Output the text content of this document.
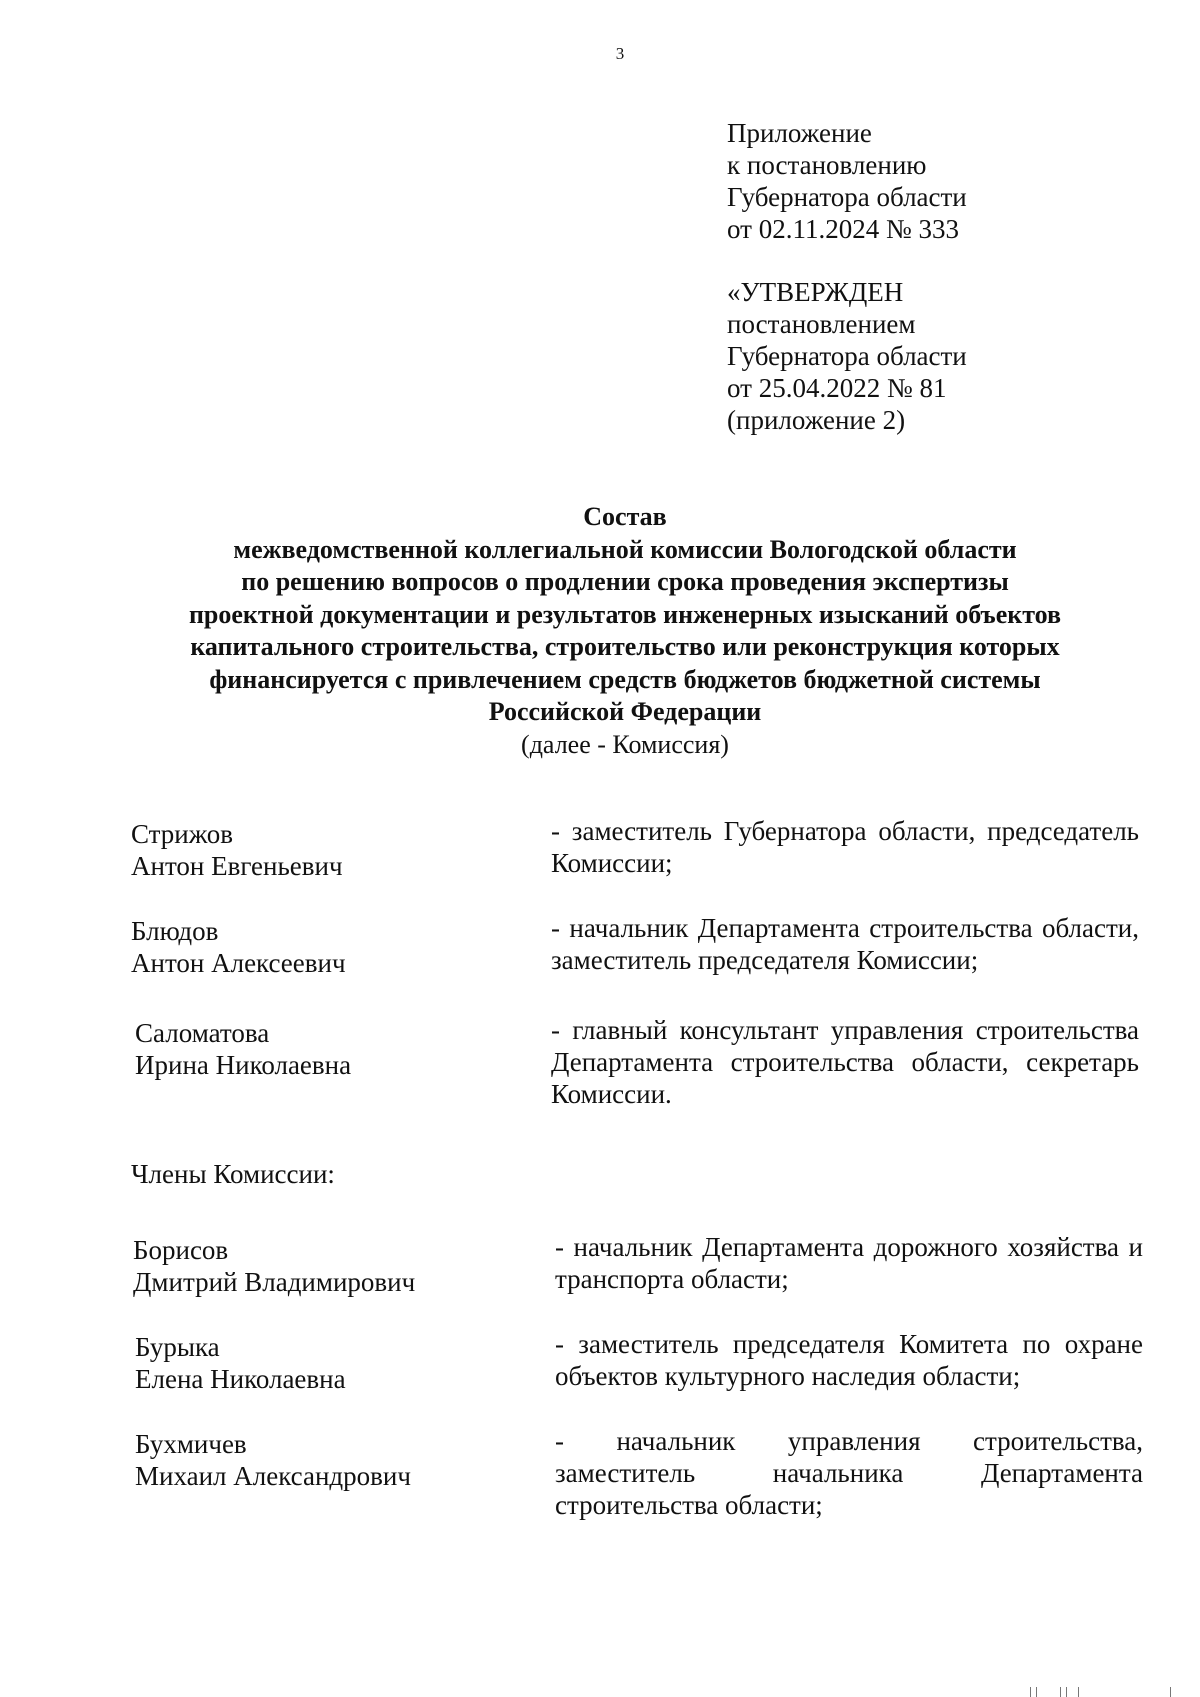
3
Приложение
к постановлению
Губернатора области
от 02.11.2024 № 333
«УТВЕРЖДЕН
постановлением
Губернатора области
от 25.04.2022 № 81
(приложение 2)
Состав
межведомственной коллегиальной комиссии Вологодской области
по решению вопросов о продлении срока проведения экспертизы
проектной документации и результатов инженерных изысканий объектов
капитального строительства, строительство или реконструкция которых
финансируется с привлечением средств бюджетов бюджетной системы
Российской Федерации
(далее - Комиссия)
Стрижов
Антон Евгеньевич
- заместитель Губернатора области, председатель Комиссии;
Блюдов
Антон Алексеевич
- начальник Департамента строительства области, заместитель председателя Комиссии;
Саломатова
Ирина Николаевна
- главный консультант управления строительства Департамента строительства области, секретарь Комиссии.
Члены Комиссии:
Борисов
Дмитрий Владимирович
- начальник Департамента дорожного хозяйства и транспорта области;
Бурыка
Елена Николаевна
- заместитель председателя Комитета по охране объектов культурного наследия области;
Бухмичев
Михаил Александрович
- начальник управления строительства, заместитель начальника Департамента строительства области;
